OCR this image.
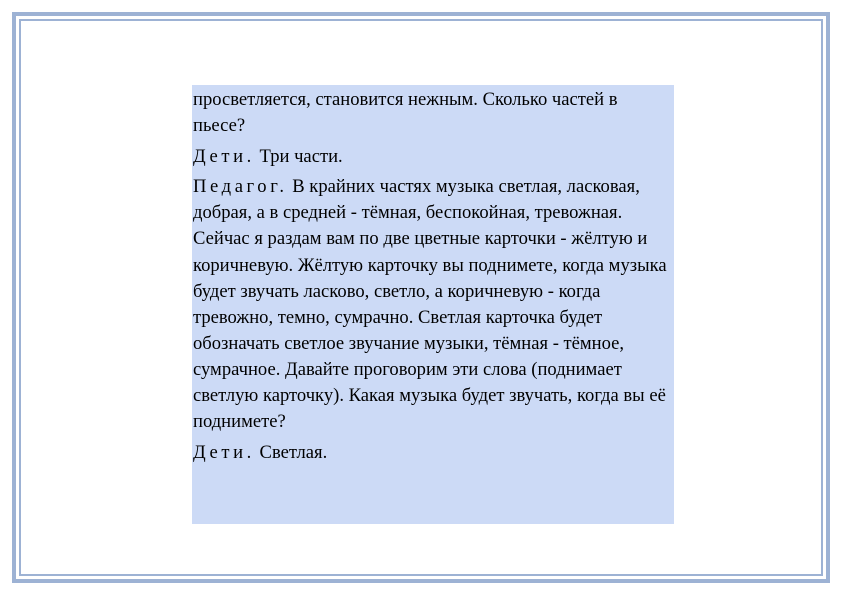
просветляется, становится нежным. Сколько частей в пьесе?

Дети. Три части.

Педагог. В крайних частях музыка светлая, ласковая, добрая, а в средней - тёмная, беспокойная, тревожная. Сейчас я раздам вам по две цветные карточки - жёлтую и коричневую. Жёлтую карточку вы поднимете, когда музыка будет звучать ласково, светло, а коричневую - когда тревожно, темно, сумрачно. Светлая карточка будет обозначать светлое звучание музыки, тёмная - тёмное, сумрачное. Давайте проговорим эти слова (поднимает светлую карточку). Какая музыка будет звучать, когда вы её поднимете?

Дети. Светлая.
